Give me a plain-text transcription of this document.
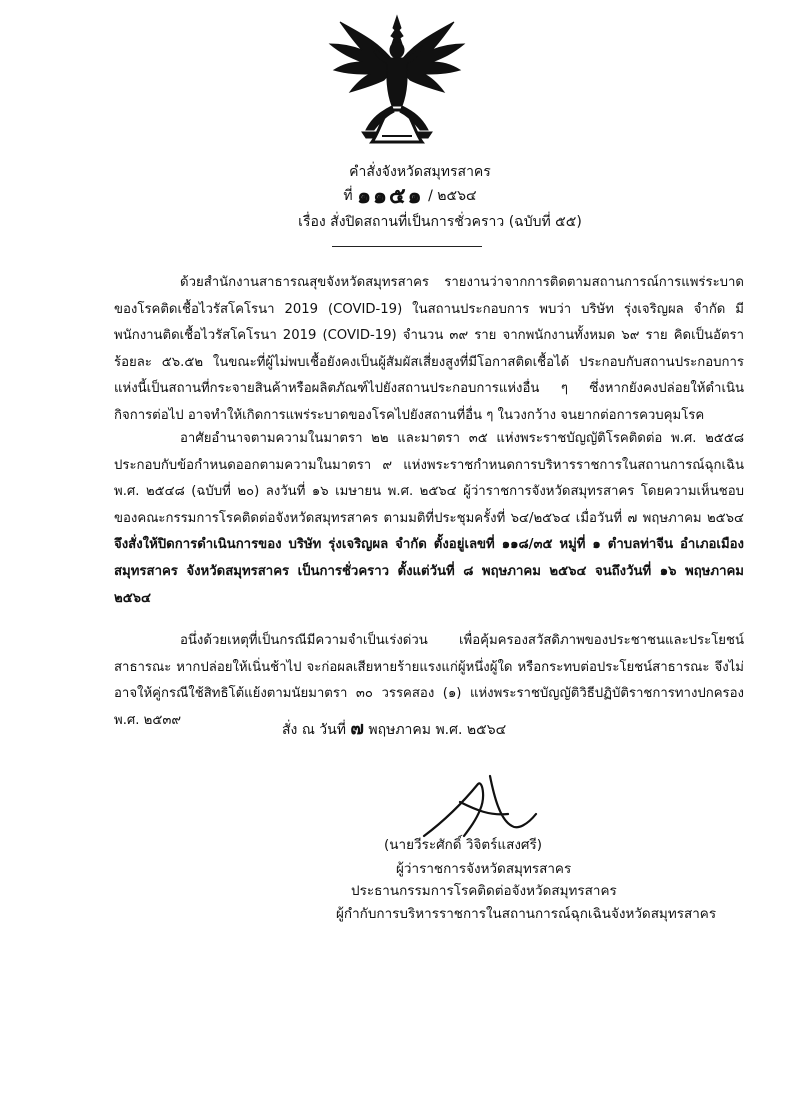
คำสั่งจังหวัดสมุทรสาคร
ที่ ๑๑๕๑ / ๒๕๖๔
เรื่อง สั่งปิดสถานที่เป็นการชั่วคราว (ฉบับที่ ๕๕)

ด้วยสำนักงานสาธารณสุขจังหวัดสมุทรสาคร รายงานว่าจากการติดตามสถานการณ์การแพร่ระบาดของโรคติดเชื้อไวรัสโคโรนา 2019 (COVID-19) ในสถานประกอบการ พบว่า บริษัท รุ่งเจริญผล จำกัด มีพนักงานติดเชื้อไวรัสโคโรนา 2019 (COVID-19) จำนวน ๓๙ ราย จากพนักงานทั้งหมด ๖๙ ราย คิดเป็นอัตราร้อยละ ๕๖.๕๒ ในขณะที่ผู้ไม่พบเชื้อยังคงเป็นผู้สัมผัสเสี่ยงสูงที่มีโอกาสติดเชื้อได้ ประกอบกับสถานประกอบการแห่งนี้เป็นสถานที่กระจายสินค้าหรือผลิตภัณฑ์ไปยังสถานประกอบการแห่งอื่น ๆ ซึ่งหากยังคงปล่อยให้ดำเนินกิจการต่อไป อาจทำให้เกิดการแพร่ระบาดของโรคไปยังสถานที่อื่น ๆ ในวงกว้าง จนยากต่อการควบคุมโรค

อาศัยอำนาจตามความในมาตรา ๒๒ และมาตรา ๓๕ แห่งพระราชบัญญัติโรคติดต่อ พ.ศ. ๒๕๕๘ ประกอบกับข้อกำหนดออกตามความในมาตรา ๙ แห่งพระราชกำหนดการบริหารราชการในสถานการณ์ฉุกเฉิน พ.ศ. ๒๕๔๘ (ฉบับที่ ๒๐) ลงวันที่ ๑๖ เมษายน พ.ศ. ๒๕๖๔ ผู้ว่าราชการจังหวัดสมุทรสาคร โดยความเห็นชอบของคณะกรรมการโรคติดต่อจังหวัดสมุทรสาคร ตามมติที่ประชุมครั้งที่ ๖๔/๒๕๖๔ เมื่อวันที่ ๗ พฤษภาคม ๒๕๖๔ จึงสั่งให้ปิดการดำเนินการของ บริษัท รุ่งเจริญผล จำกัด ตั้งอยู่เลขที่ ๑๑๘/๓๕ หมู่ที่ ๑ ตำบลท่าจีน อำเภอเมืองสมุทรสาคร จังหวัดสมุทรสาคร เป็นการชั่วคราว ตั้งแต่วันที่ ๘ พฤษภาคม ๒๕๖๔ จนถึงวันที่ ๑๖ พฤษภาคม ๒๕๖๔

อนึ่งด้วยเหตุที่เป็นกรณีมีความจำเป็นเร่งด่วน เพื่อคุ้มครองสวัสดิภาพของประชาชนและประโยชน์สาธารณะ หากปล่อยให้เนิ่นช้าไป จะก่อผลเสียหายร้ายแรงแก่ผู้หนึ่งผู้ใด หรือกระทบต่อประโยชน์สาธารณะ จึงไม่อาจให้คู่กรณีใช้สิทธิโต้แย้งตามนัยมาตรา ๓๐ วรรคสอง (๑) แห่งพระราชบัญญัติวิธีปฏิบัติราชการทางปกครอง พ.ศ. ๒๕๓๙

สั่ง ณ วันที่ ๗ พฤษภาคม พ.ศ. ๒๕๖๔
(นายวีระศักดิ์ วิจิตร์แสงศรี)
ผู้ว่าราชการจังหวัดสมุทรสาคร
ประธานกรรมการโรคติดต่อจังหวัดสมุทรสาคร
ผู้กำกับการบริหารราชการในสถานการณ์ฉุกเฉินจังหวัดสมุทรสาคร
